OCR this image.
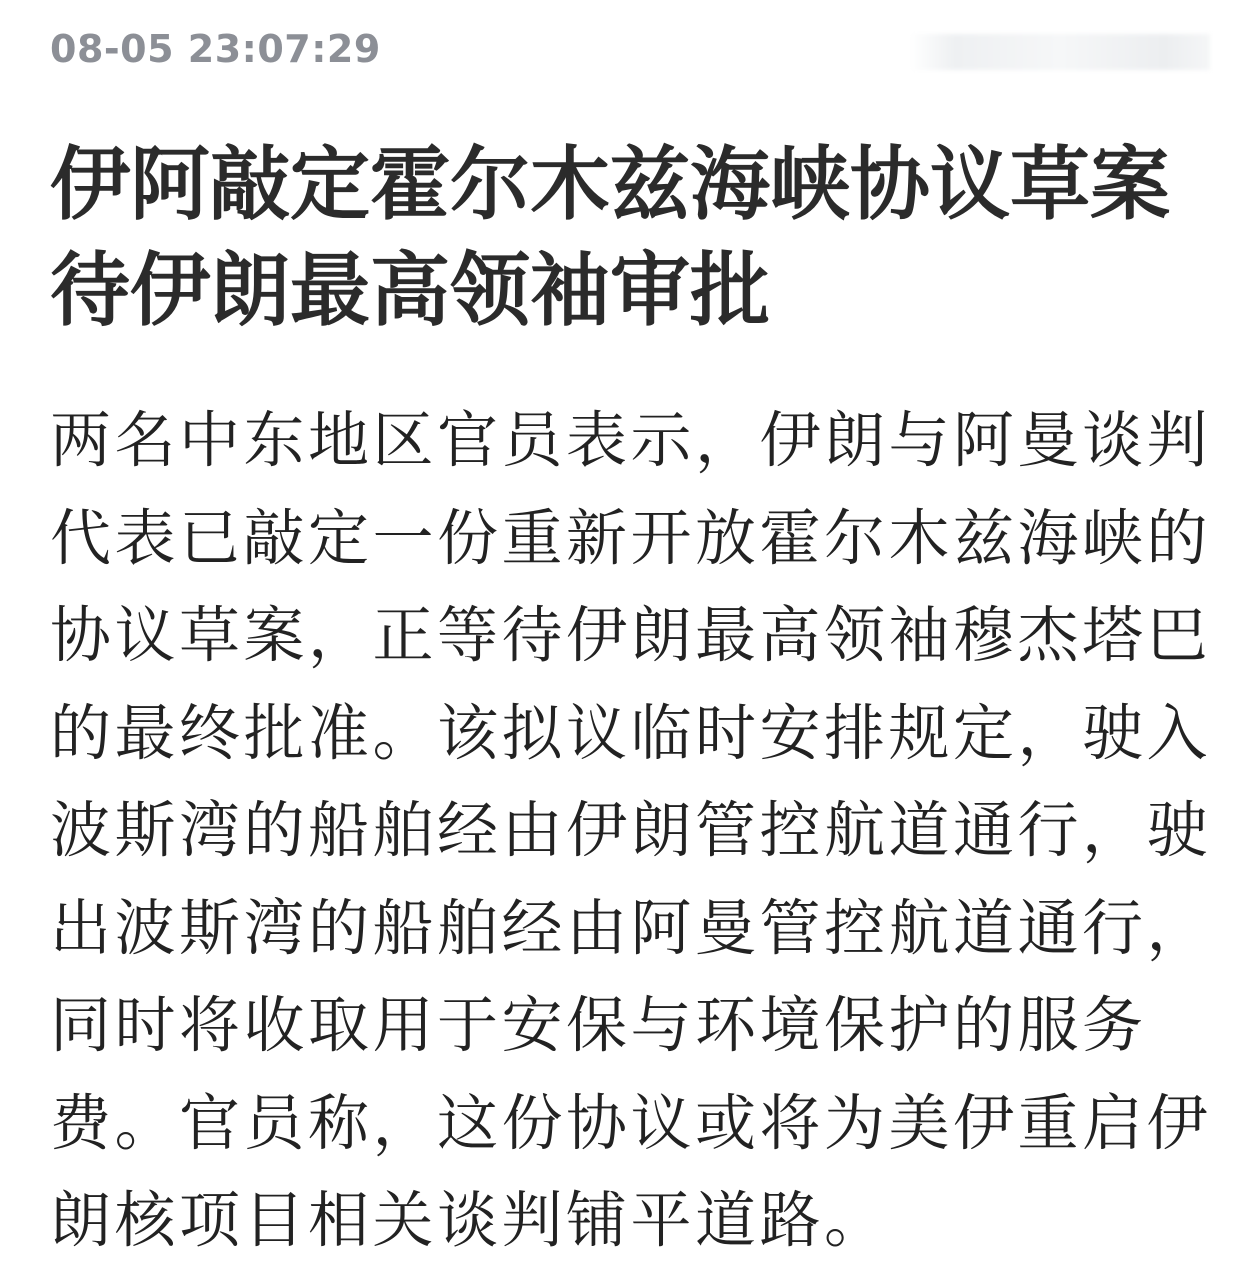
08-05 23:07:29
伊阿敲定霍尔木兹海峡协议草案
待伊朗最高领袖审批
两名中东地区官员表示，伊朗与阿曼谈判
代表已敲定一份重新开放霍尔木兹海峡的
协议草案，正等待伊朗最高领袖穆杰塔巴
的最终批准。该拟议临时安排规定，驶入
波斯湾的船舶经由伊朗管控航道通行，驶
出波斯湾的船舶经由阿曼管控航道通行，
同时将收取用于安保与环境保护的服务
费。官员称，这份协议或将为美伊重启伊
朗核项目相关谈判铺平道路。
